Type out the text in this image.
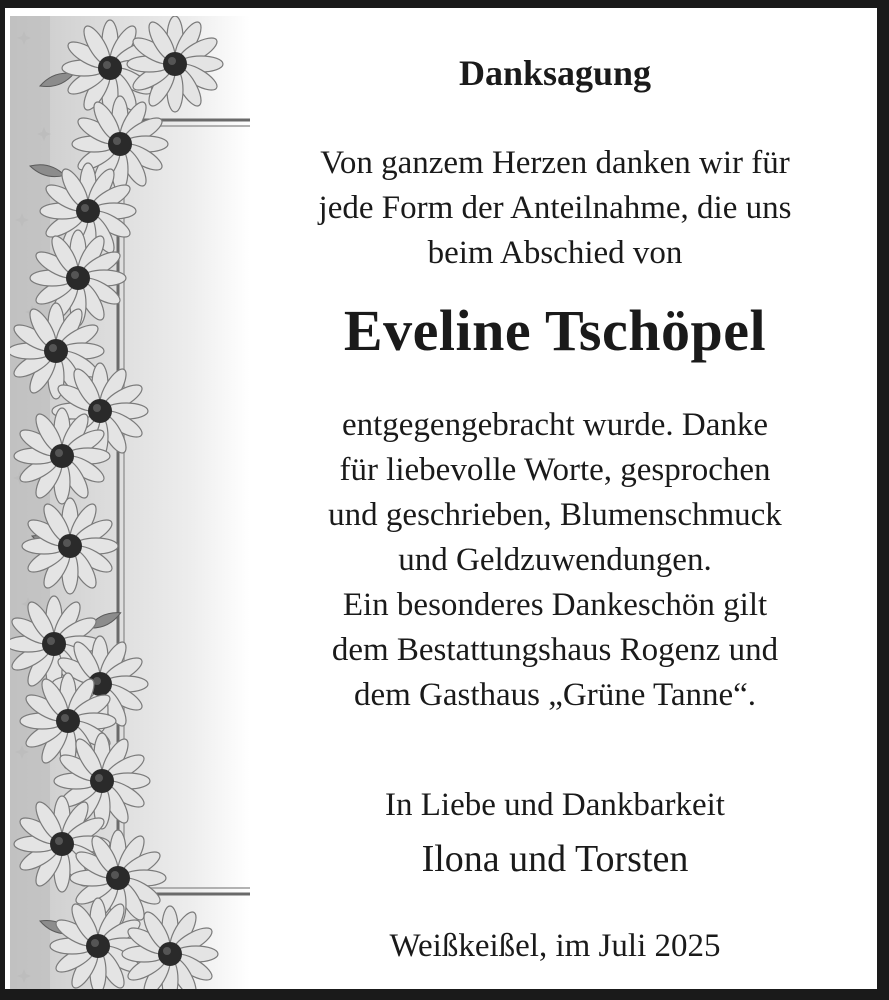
Danksagung
Von ganzem Herzen danken wir für
jede Form der Anteilnahme, die uns
beim Abschied von
Eveline Tschöpel
entgegengebracht wurde. Danke
für liebevolle Worte, gesprochen
und geschrieben, Blumenschmuck
und Geldzuwendungen.
Ein besonderes Dankeschön gilt
dem Bestattungshaus Rogenz und
dem Gasthaus „Grüne Tanne“.
In Liebe und Dankbarkeit
Ilona und Torsten
Weißkeißel, im Juli 2025
